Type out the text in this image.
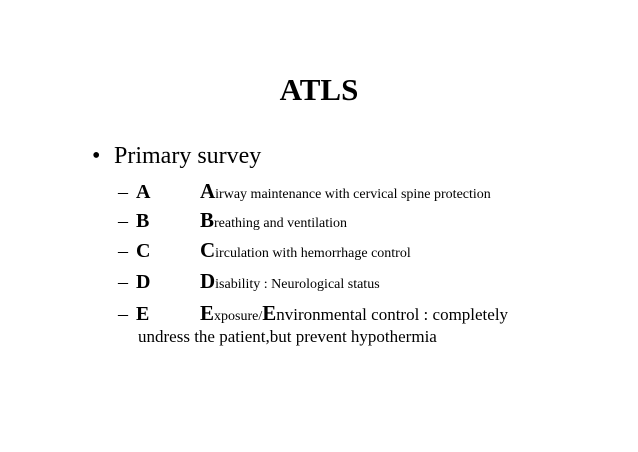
ATLS
• Primary survey
– A Airway maintenance with cervical spine protection
– B Breathing and ventilation
– C Circulation with hemorrhage control
– D Disability : Neurological status
– E Exposure/Environmental control : completely
undress the patient,but prevent hypothermia
